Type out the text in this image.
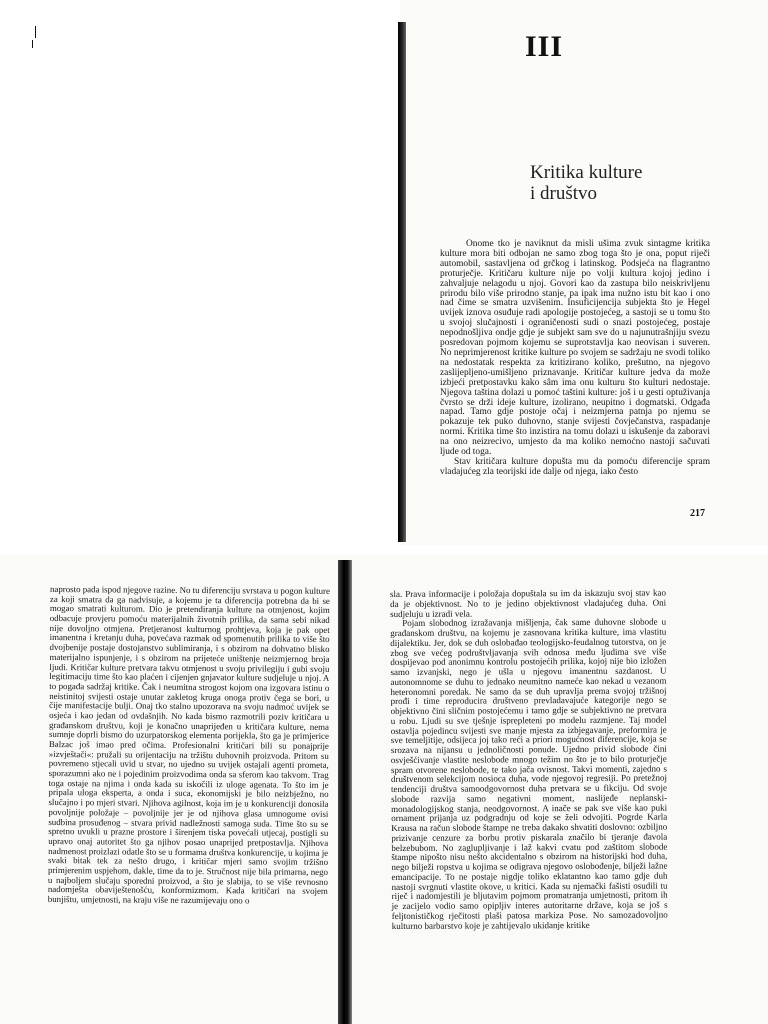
III
Kritika kulture
i društvo

Onome tko je naviknut da misli ušima zvuk sintagme kritika kulture mora biti odbojan ne samo zbog toga što je ona, poput riječi automobil, sastavljena od grčkog i latinskog. Podsjeća na flagrantno proturječje. Kritičaru kulture nije po volji kultura kojoj jedino i zahvaljuje nelagodu u njoj. Govori kao da zastupa bilo neiskrivljenu prirodu bilo više prirodno stanje, pa ipak ima nužno istu bit kao i ono nad čime se smatra uzvišenim. Insuficijencija subjekta što je Hegel uvijek iznova osuđuje radi apologije postojećeg, a sastoji se u tomu što u svojoj slučajnosti i ograničenosti sudi o snazi postojećeg, postaje nepodnošljiva ondje gdje je subjekt sam sve do u najunutrašnjiju svezu posredovan pojmom kojemu se suprotstavlja kao neovisan i suveren. No neprimjerenost kritike kulture po svojem se sadržaju ne svodi toliko na nedostatak respekta za kritizirano koliko, prešutno, na njegovo zaslijepljeno-umišljeno priznavanje. Kritičar kulture jedva da može izbjeći pretpostavku kako sâm ima onu kulturu što kulturi nedostaje. Njegova taština dolazi u pomoć taštini kulture: još i u gesti optuživanja čvrsto se drži ideje kulture, izolirano, neupitno i dogmatski. Odgađa napad. Tamo gdje postoje očaj i neizmjerna patnja po njemu se pokazuje tek puko duhovno, stanje svijesti čovječanstva, raspadanje normi. Kritika time što inzistira na tomu dolazi u iskušenje da zaboravi na ono neizrecivo, umjesto da ma koliko nemoćno nastoji sačuvati ljude od toga.

Stav kritičara kulture dopušta mu da pomoću diferencije spram vladajućeg zla teorijski ide dalje od njega, iako često

217

naprosto pada ispod njegove razine. No tu diferenciju svrstava u pogon kulture za koji smatra da ga nadvisuje, a kojemu je ta diferencija potrebna da bi se mogao smatrati kulturom. Dio je pretendiranja kulture na otmjenost, kojim odbacuje provjeru pomoću materijalnih životnih prilika, da sama sebi nikad nije dovoljno otmjena. Pretjeranost kulturnog prohtjeva, koja je pak opet imanentna i kretanju duha, povećava razmak od spomenutih prilika to više što dvojbenije postaje dostojanstvo sublimiranja, i s obzirom na dohvatno blisko materijalno ispunjenje, i s obzirom na prijeteće uništenje neizmjernog broja ljudi. Kritičar kulture pretvara takvu otmjenost u svoju privilegiju i gubi svoju legitimaciju time što kao plaćen i cijenjen gnjavator kulture sudjeluje u njoj. A to pogađa sadržaj kritike. Čak i neumitna strogost kojom ona izgovara istinu o neistinitoj svijesti ostaje unutar zakletog kruga onoga protiv čega se bori, u čije manifestacije bulji. Onaj tko stalno upozorava na svoju nadmoć uvijek se osjeća i kao jedan od ovdašnjih. No kada bismo razmotrili poziv kritičara u građanskom društvu, koji je konačno unaprijeđen u kritičara kulture, nema sumnje doprli bismo do uzurpatorskog elementa porijekla, što ga je primjerice Balzac još imao pred očima. Profesionalni kritičari bili su ponajprije »izvještači«: pružali su orijentaciju na tržištu duhovnih proizvoda. Pritom su povremeno stjecali uvid u stvar, no ujedno su uvijek ostajali agenti prometa, sporazumni ako ne i pojedinim proizvodima onda sa sferom kao takvom. Trag toga ostaje na njima i onda kada su iskočili iz uloge agenata. To što im je pripala uloga eksperta, a onda i suca, ekonomijski je bilo neizbježno, no slučajno i po mjeri stvari. Njihova agilnost, koja im je u konkurenciji donosila povoljnije položaje – povoljnije jer je od njihova glasa umnogome ovisi sudbina prosuđenog – stvara privid nadležnosti samoga suda. Time što su se spretno uvukli u prazne prostore i širenjem tiska povećali utjecaj, postigli su upravo onaj autoritet što ga njihov posao unaprijed pretpostavlja. Njihova nadmenost proizlazi odatle što se u formama društva konkurencije, u kojima je svaki bitak tek za nešto drugo, i kritičar mjeri samo svojim tržišno primjerenim uspjehom, dakle, time da to je. Stručnost nije bila primarna, nego u najboljem slučaju sporedni proizvod, a što je slabija, to se više revnosno nadomješta obaviještenošću, konformizmom. Kada kritičari na svojem bunjištu, umjetnosti, na kraju više ne razumijevaju ono o

sla. Prava informacije i položaja dopuštala su im da iskazuju svoj stav kao da je objektivnost. No to je jedino objektivnost vladajućeg duha. Oni sudjeluju u izradi vela.

Pojam slobodnog izražavanja mišljenja, čak same duhovne slobode u građanskom društvu, na kojemu je zasnovana kritika kulture, ima vlastitu dijalektiku. Jer, dok se duh oslobađao teologijsko-feudalnog tutorstva, on je zbog sve većeg podruštvljavanja svih odnosa među ljudima sve više dospijevao pod anonimnu kontrolu postojećih prilika, kojoj nije bio izložen samo izvanjski, nego je ušla u njegovu imanentnu sazdanost. U autonomnome se duhu to jednako neumitno nameće kao nekad u vezanom heteronomni poredak. Ne samo da se duh upravlja prema svojoj tržišnoj prođi i time reproducira društveno prevladavajuće kategorije nego se objektivno čini sličnim postojećemu i tamo gdje se subjektivno ne pretvara u robu. Ljudi su sve tješnje isprepleteni po modelu razmjene. Taj model ostavlja pojedincu svijesti sve manje mjesta za izbjegavanje, preformira je sve temeljitije, odsijeca joj tako reći a priori mogućnost diferencije, koja se srozava na nijansu u jednoličnosti ponude. Ujedno privid slobode čini osvješćivanje vlastite neslobode mnogo težim no što je to bilo proturječje spram otvorene neslobode, te tako jača ovisnost. Takvi momenti, zajedno s društvenom selekcijom nosioca duha, vode njegovoj regresiji. Po pretežnoj tendenciji društva samoodgovornost duha pretvara se u fikciju. Od svoje slobode razvija samo negativni moment, naslijeđe neplanski-monadologijskog stanja, neodgovornost. A inače se pak sve više kao puki ornament prijanja uz podgradnju od koje se želi odvojiti. Pogrde Karla Krausa na račun slobode štampe ne treba dakako shvatiti doslovno: ozbiljno prizivanje cenzure za borbu protiv piskarala značilo bi tjeranje đavola belzebubom. No zaglupljivanje i laž kakvi cvatu pod zaštitom slobode štampe nipošto nisu nešto akcidentalno s obzirom na historijski hod duha, nego bilježi ropstva u kojima se odigrava njegovo oslobođenje, bilježi lažne emancipacije. To ne postaje nigdje toliko eklatantno kao tamo gdje duh nastoji svrgnuti vlastite okove, u kritici. Kada su njemački fašisti osudili tu riječ i nadomjestili je bljutavim pojmom promatranja umjetnosti, pritom ih je zacijelo vodio samo opipljiv interes autoritarne države, koja se još s feljtonističkog rječitosti plaši patosa markiza Pose. No samozadovoljno kulturno barbarstvo koje je zahtijevalo ukidanje kritike
